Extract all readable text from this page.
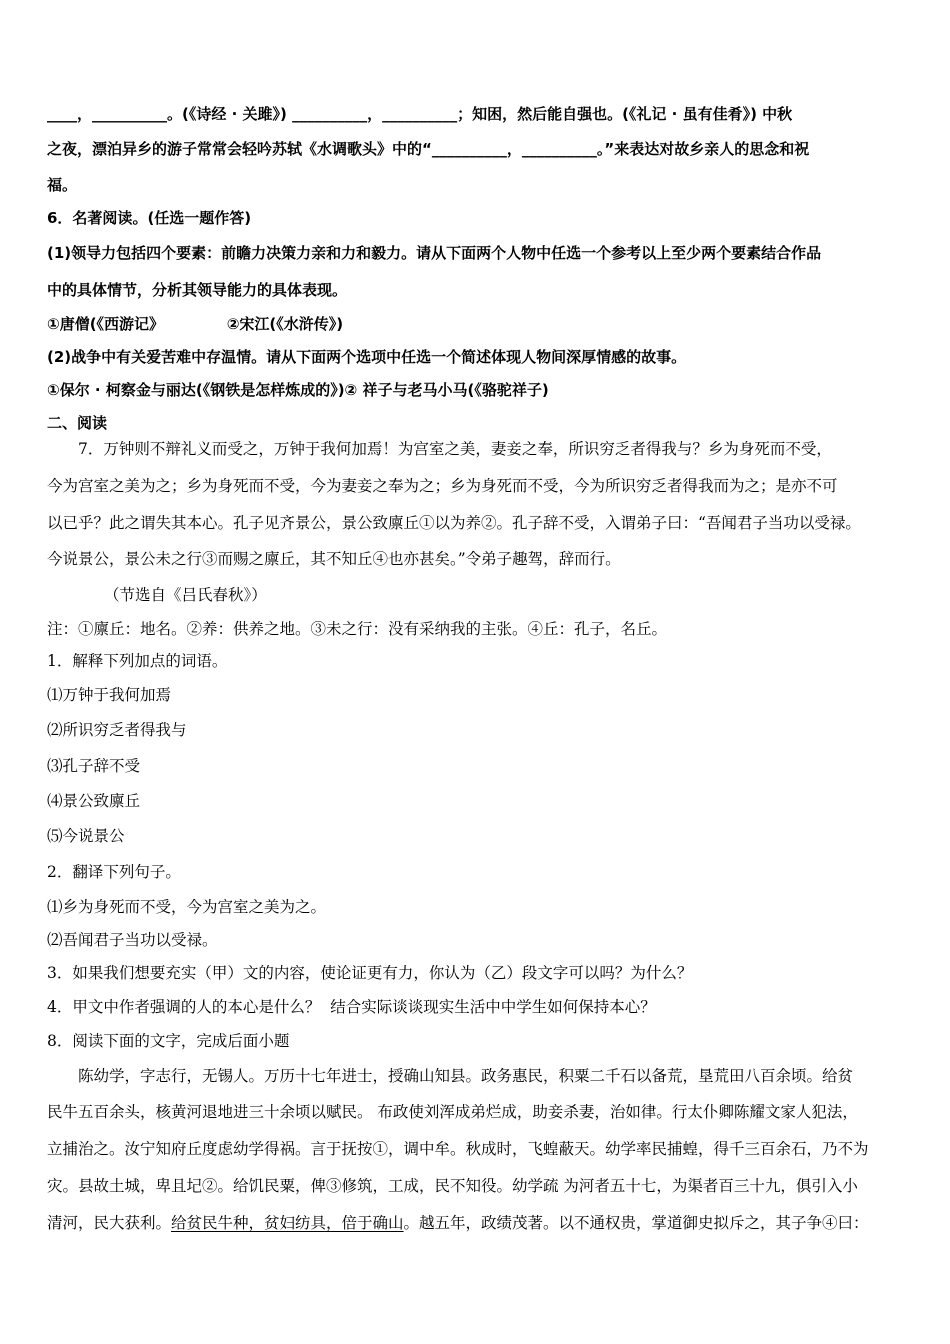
____，__________。(《诗经 · 关雎》) __________，__________；知困，然后能自强也。(《礼记 · 虽有佳肴》) 中秋
之夜，漂泊异乡的游子常常会轻吟苏轼《水调歌头》中的“__________，__________。”来表达对故乡亲人的思念和祝
福。
6．名著阅读。(任选一题作答)
(1)领导力包括四个要素：前瞻力决策力亲和力和毅力。请从下面两个人物中任选一个参考以上至少两个要素结合作品
中的具体情节，分析其领导能力的具体表现。
①唐僧(《西游记》            ②宋江(《水浒传》)
(2)战争中有关爱苦难中存温情。请从下面两个选项中任选一个简述体现人物间深厚情感的故事。
①保尔 · 柯察金与丽达(《钢铁是怎样炼成的》)② 祥子与老马小马(《骆驼祥子)
二、阅读
7．万钟则不辩礼义而受之，万钟于我何加焉！为宫室之美，妻妾之奉，所识穷乏者得我与？乡为身死而不受，
今为宫室之美为之；乡为身死而不受，今为妻妾之奉为之；乡为身死而不受，今为所识穷乏者得我而为之；是亦不可
以已乎？此之谓失其本心。孔子见齐景公，景公致廪丘①以为养②。孔子辞不受，入谓弟子曰：“吾闻君子当功以受禄。
今说景公，景公未之行③而赐之廪丘，其不知丘④也亦甚矣。”令弟子趣驾，辞而行。
（节选自《吕氏春秋》）
注：①廪丘：地名。②养：供养之地。③未之行：没有采纳我的主张。④丘：孔子，名丘。
1．解释下列加点的词语。
⑴万钟于我何加焉
⑵所识穷乏者得我与
⑶孔子辞不受
⑷景公致廪丘
⑸今说景公
2．翻译下列句子。
⑴乡为身死而不受，今为宫室之美为之。
⑵吾闻君子当功以受禄。
3．如果我们想要充实（甲）文的内容，使论证更有力，你认为（乙）段文字可以吗？为什么？
4．甲文中作者强调的人的本心是什么？  结合实际谈谈现实生活中中学生如何保持本心？
8．阅读下面的文字，完成后面小题
陈幼学，字志行，无锡人。万历十七年进士，授确山知县。政务惠民，积粟二千石以备荒，垦荒田八百余顷。给贫
民牛五百余头，核黄河退地进三十余顷以赋民。 布政使刘浑成弟烂成，助妾杀妻，治如律。行太仆卿陈耀文家人犯法，
立捕治之。汝宁知府丘度虑幼学得祸。言于抚按①，调中牟。秋成时，飞蝗蔽天。幼学率民捕蝗，得千三百余石，乃不为
灾。县故土城，卑且圮②。给饥民粟，俾③修筑，工成，民不知役。幼学疏 为河者五十七，为渠者百三十九，俱引入小
清河，民大获利。给贫民牛种，贫妇纺具，倍于确山。越五年，政绩茂著。以不通权贵，掌道御史拟斥之，其子争④曰：
